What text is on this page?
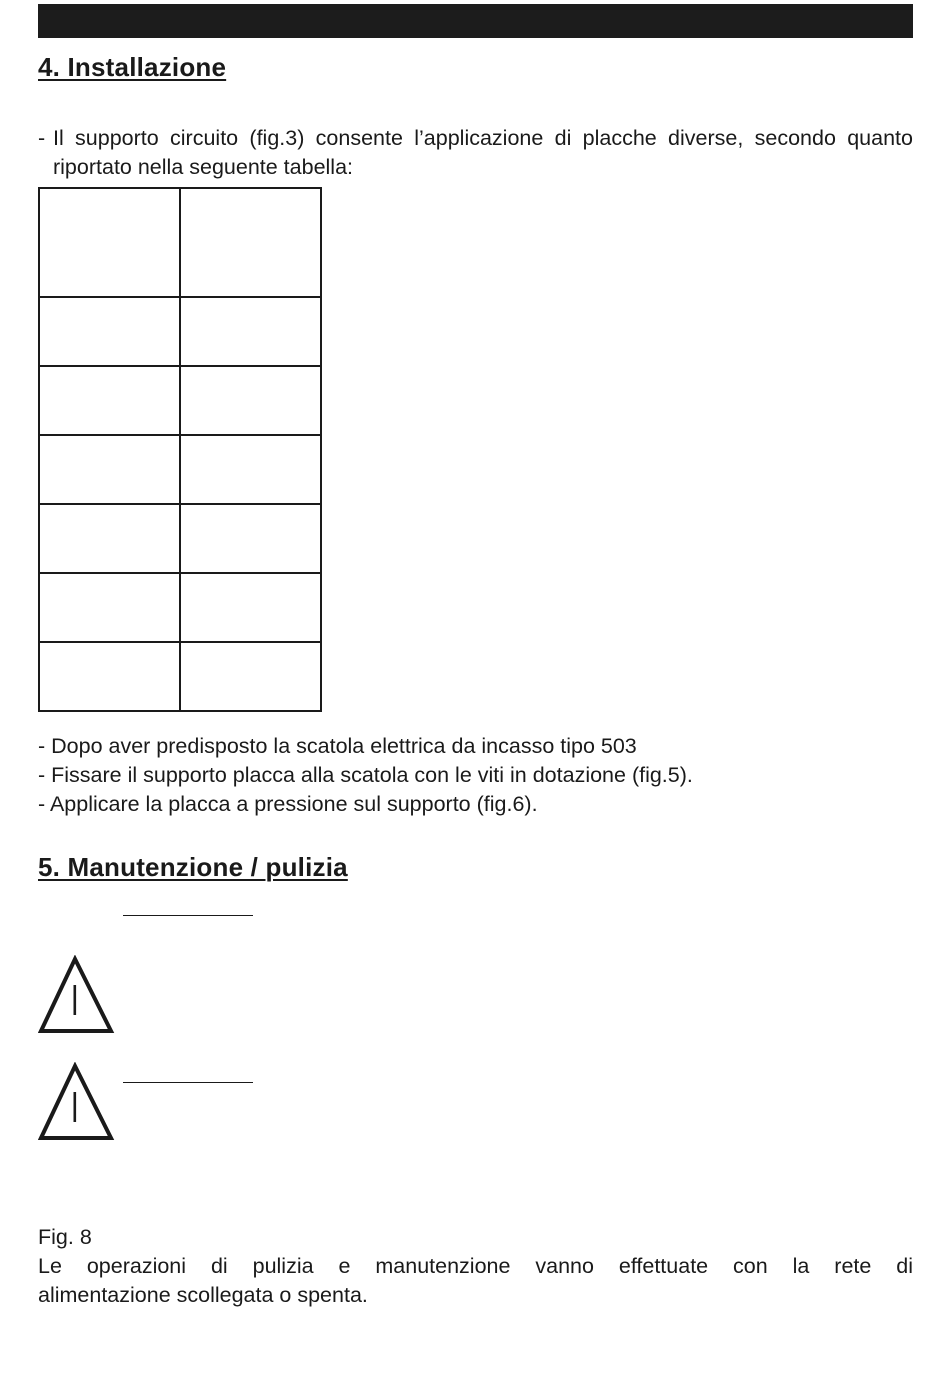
4. Installazione
- Il supporto circuito (fig.3) consente l’applicazione di placche diverse, secondo quanto riportato nella seguente tabella:

- Dopo aver predisposto la scatola elettrica da incasso tipo 503
- Fissare il supporto placca alla scatola con le viti in dotazione (fig.5).
- Applicare la placca a pressione sul supporto (fig.6).
5. Manutenzione / pulizia
Fig. 8
Le operazioni di pulizia e manutenzione vanno effettuate con la rete di
alimentazione scollegata o spenta.
